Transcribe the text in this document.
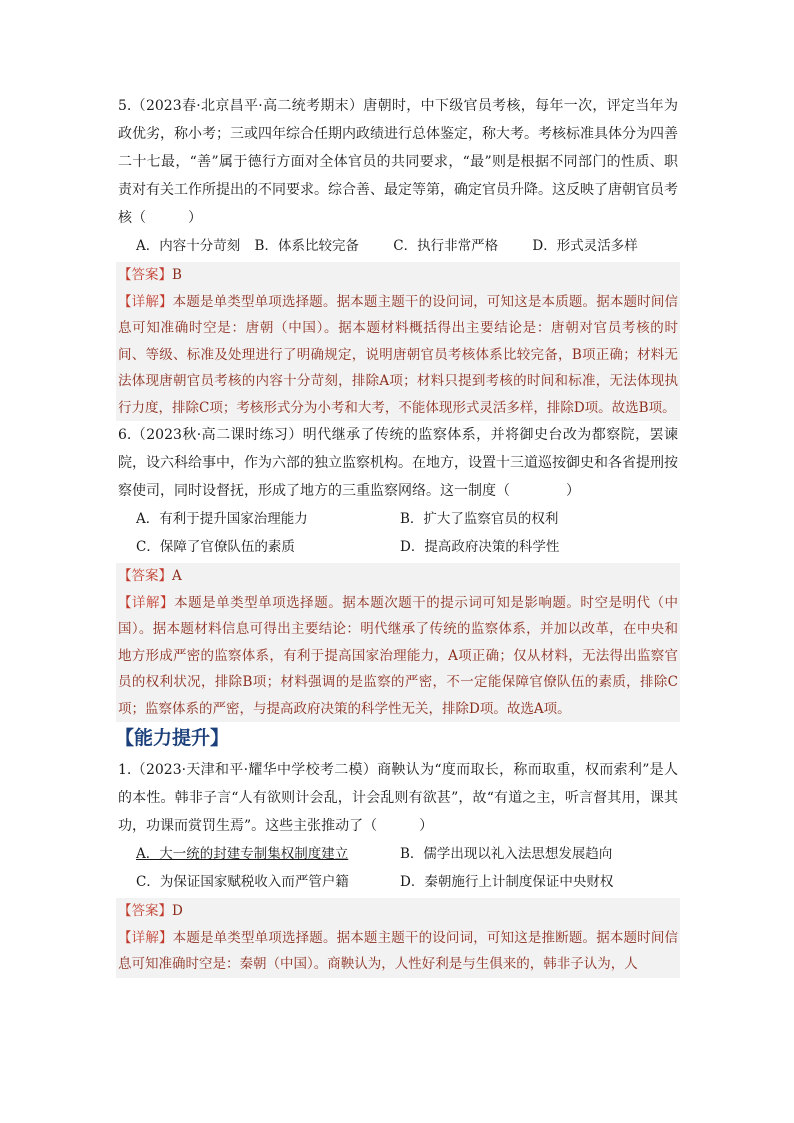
5.（2023春·北京昌平·高二统考期末）唐朝时，中下级官员考核，每年一次，评定当年为政优劣，称小考；三或四年综合任期内政绩进行总体鉴定，称大考。考核标准具体分为四善二十七最，“善”属于德行方面对全体官员的共同要求，“最”则是根据不同部门的性质、职责对有关工作所提出的不同要求。综合善、最定等第，确定官员升降。这反映了唐朝官员考核（　　　）

A．内容十分苛刻 B．体系比较完备	C．执行非常严格	D．形式灵活多样

【答案】B

【详解】本题是单类型单项选择题。据本题主题干的设问词，可知这是本质题。据本题时间信息可知准确时空是：唐朝（中国）。据本题材料概括得出主要结论是：唐朝对官员考核的时间、等级、标准及处理进行了明确规定，说明唐朝官员考核体系比较完备，B项正确；材料无法体现唐朝官员考核的内容十分苛刻，排除A项；材料只提到考核的时间和标准，无法体现执行力度，排除C项；考核形式分为小考和大考，不能体现形式灵活多样，排除D项。故选B项。

6.（2023秋·高二课时练习）明代继承了传统的监察体系，并将御史台改为都察院，罢谏院，设六科给事中，作为六部的独立监察机构。在地方，设置十三道巡按御史和各省提刑按察使司，同时设督抚，形成了地方的三重监察网络。这一制度（　　　　）

A．有利于提升国家治理能力	B．扩大了监察官员的权利
C．保障了官僚队伍的素质	D．提高政府决策的科学性

【答案】A

【详解】本题是单类型单项选择题。据本题次题干的提示词可知是影响题。时空是明代（中国）。据本题材料信息可得出主要结论：明代继承了传统的监察体系，并加以改革，在中央和地方形成严密的监察体系，有利于提高国家治理能力，A项正确；仅从材料，无法得出监察官员的权利状况，排除B项；材料强调的是监察的严密，不一定能保障官僚队伍的素质，排除C项；监察体系的严密，与提高政府决策的科学性无关，排除D项。故选A项。

【能力提升】

1.（2023·天津和平·耀华中学校考二模）商鞅认为“度而取长，称而取重，权而索利”是人的本性。韩非子言“人有欲则计会乱，计会乱则有欲甚”，故“有道之主，听言督其用，课其功，功课而赏罚生焉”。这些主张推动了（　　　）

A．大一统的封建专制集权制度建立	B．儒学出现以礼入法思想发展趋向
C．为保证国家赋税收入而严管户籍	D．秦朝施行上计制度保证中央财权

【答案】D

【详解】本题是单类型单项选择题。据本题主题干的设问词，可知这是推断题。据本题时间信息可知准确时空是：秦朝（中国）。商鞅认为，人性好利是与生俱来的，韩非子认为，人
